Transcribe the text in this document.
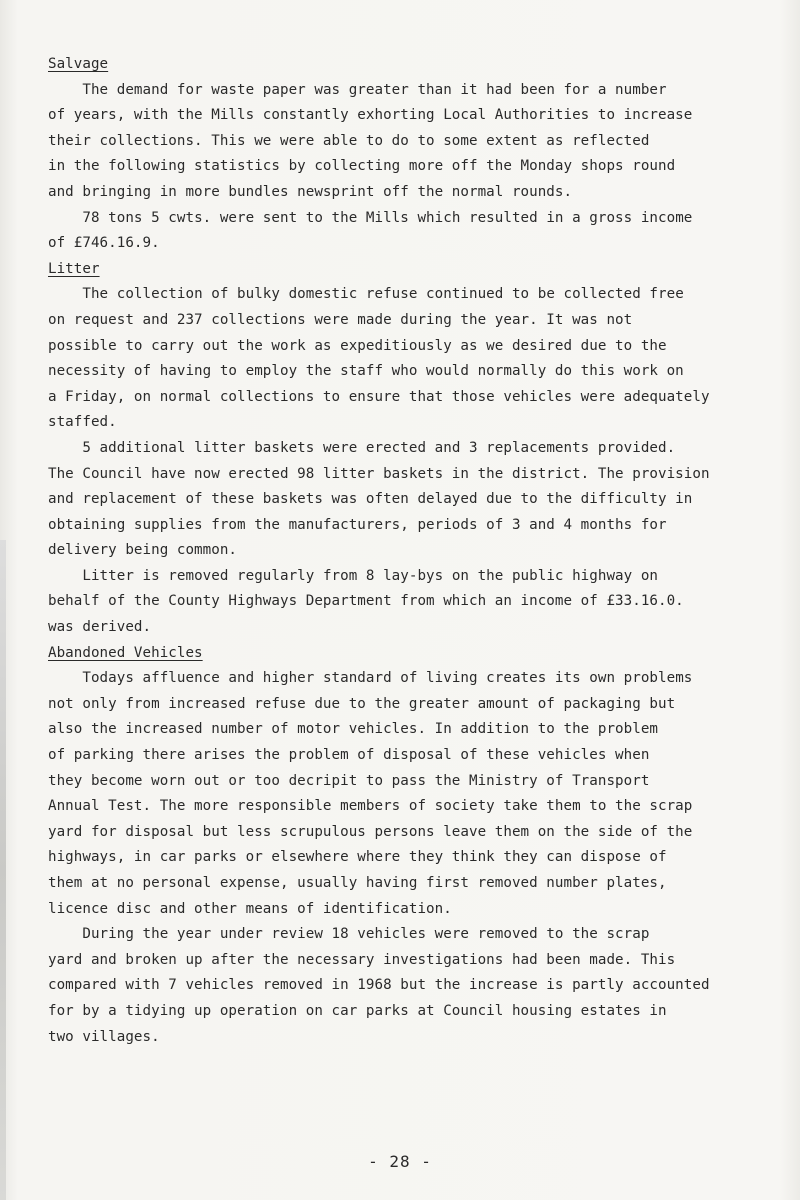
Salvage

The demand for waste paper was greater than it had been for a number
of years, with the Mills constantly exhorting Local Authorities to increase
their collections. This we were able to do to some extent as reflected
in the following statistics by collecting more off the Monday shops round
and bringing in more bundles newsprint off the normal rounds.

78 tons 5 cwts. were sent to the Mills which resulted in a gross income
of £746.16.9.

Litter

The collection of bulky domestic refuse continued to be collected free
on request and 237 collections were made during the year. It was not
possible to carry out the work as expeditiously as we desired due to the
necessity of having to employ the staff who would normally do this work on
a Friday, on normal collections to ensure that those vehicles were adequately
staffed.

5 additional litter baskets were erected and 3 replacements provided.
The Council have now erected 98 litter baskets in the district. The provision
and replacement of these baskets was often delayed due to the difficulty in
obtaining supplies from the manufacturers, periods of 3 and 4 months for
delivery being common.

Litter is removed regularly from 8 lay-bys on the public highway on
behalf of the County Highways Department from which an income of £33.16.0.
was derived.

Abandoned Vehicles

Todays affluence and higher standard of living creates its own problems
not only from increased refuse due to the greater amount of packaging but
also the increased number of motor vehicles. In addition to the problem
of parking there arises the problem of disposal of these vehicles when
they become worn out or too decripit to pass the Ministry of Transport
Annual Test. The more responsible members of society take them to the scrap
yard for disposal but less scrupulous persons leave them on the side of the
highways, in car parks or elsewhere where they think they can dispose of
them at no personal expense, usually having first removed number plates,
licence disc and other means of identification.

During the year under review 18 vehicles were removed to the scrap
yard and broken up after the necessary investigations had been made. This
compared with 7 vehicles removed in 1968 but the increase is partly accounted
for by a tidying up operation on car parks at Council housing estates in
two villages.

- 28 -
